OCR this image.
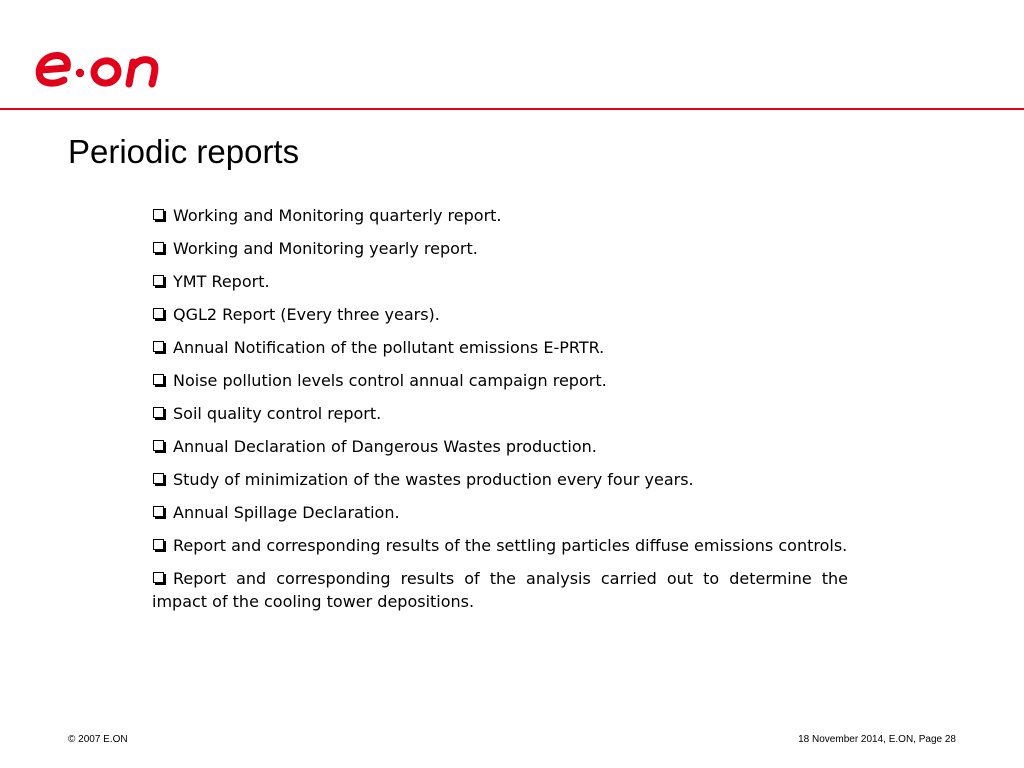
Periodic reports
Working and Monitoring quarterly report.
Working and Monitoring yearly report.
YMT Report.
QGL2 Report (Every three years).
Annual Notification of the pollutant emissions E-PRTR.
Noise pollution levels control annual campaign report.
Soil quality control report.
Annual Declaration of Dangerous Wastes production.
Study of minimization of the wastes production every four years.
Annual Spillage Declaration.
Report and corresponding results of the settling particles diffuse emissions controls.
Report and corresponding results of the analysis carried out to determine the impact of the cooling tower depositions.
© 2007 E.ON	18 November 2014, E.ON, Page 28
